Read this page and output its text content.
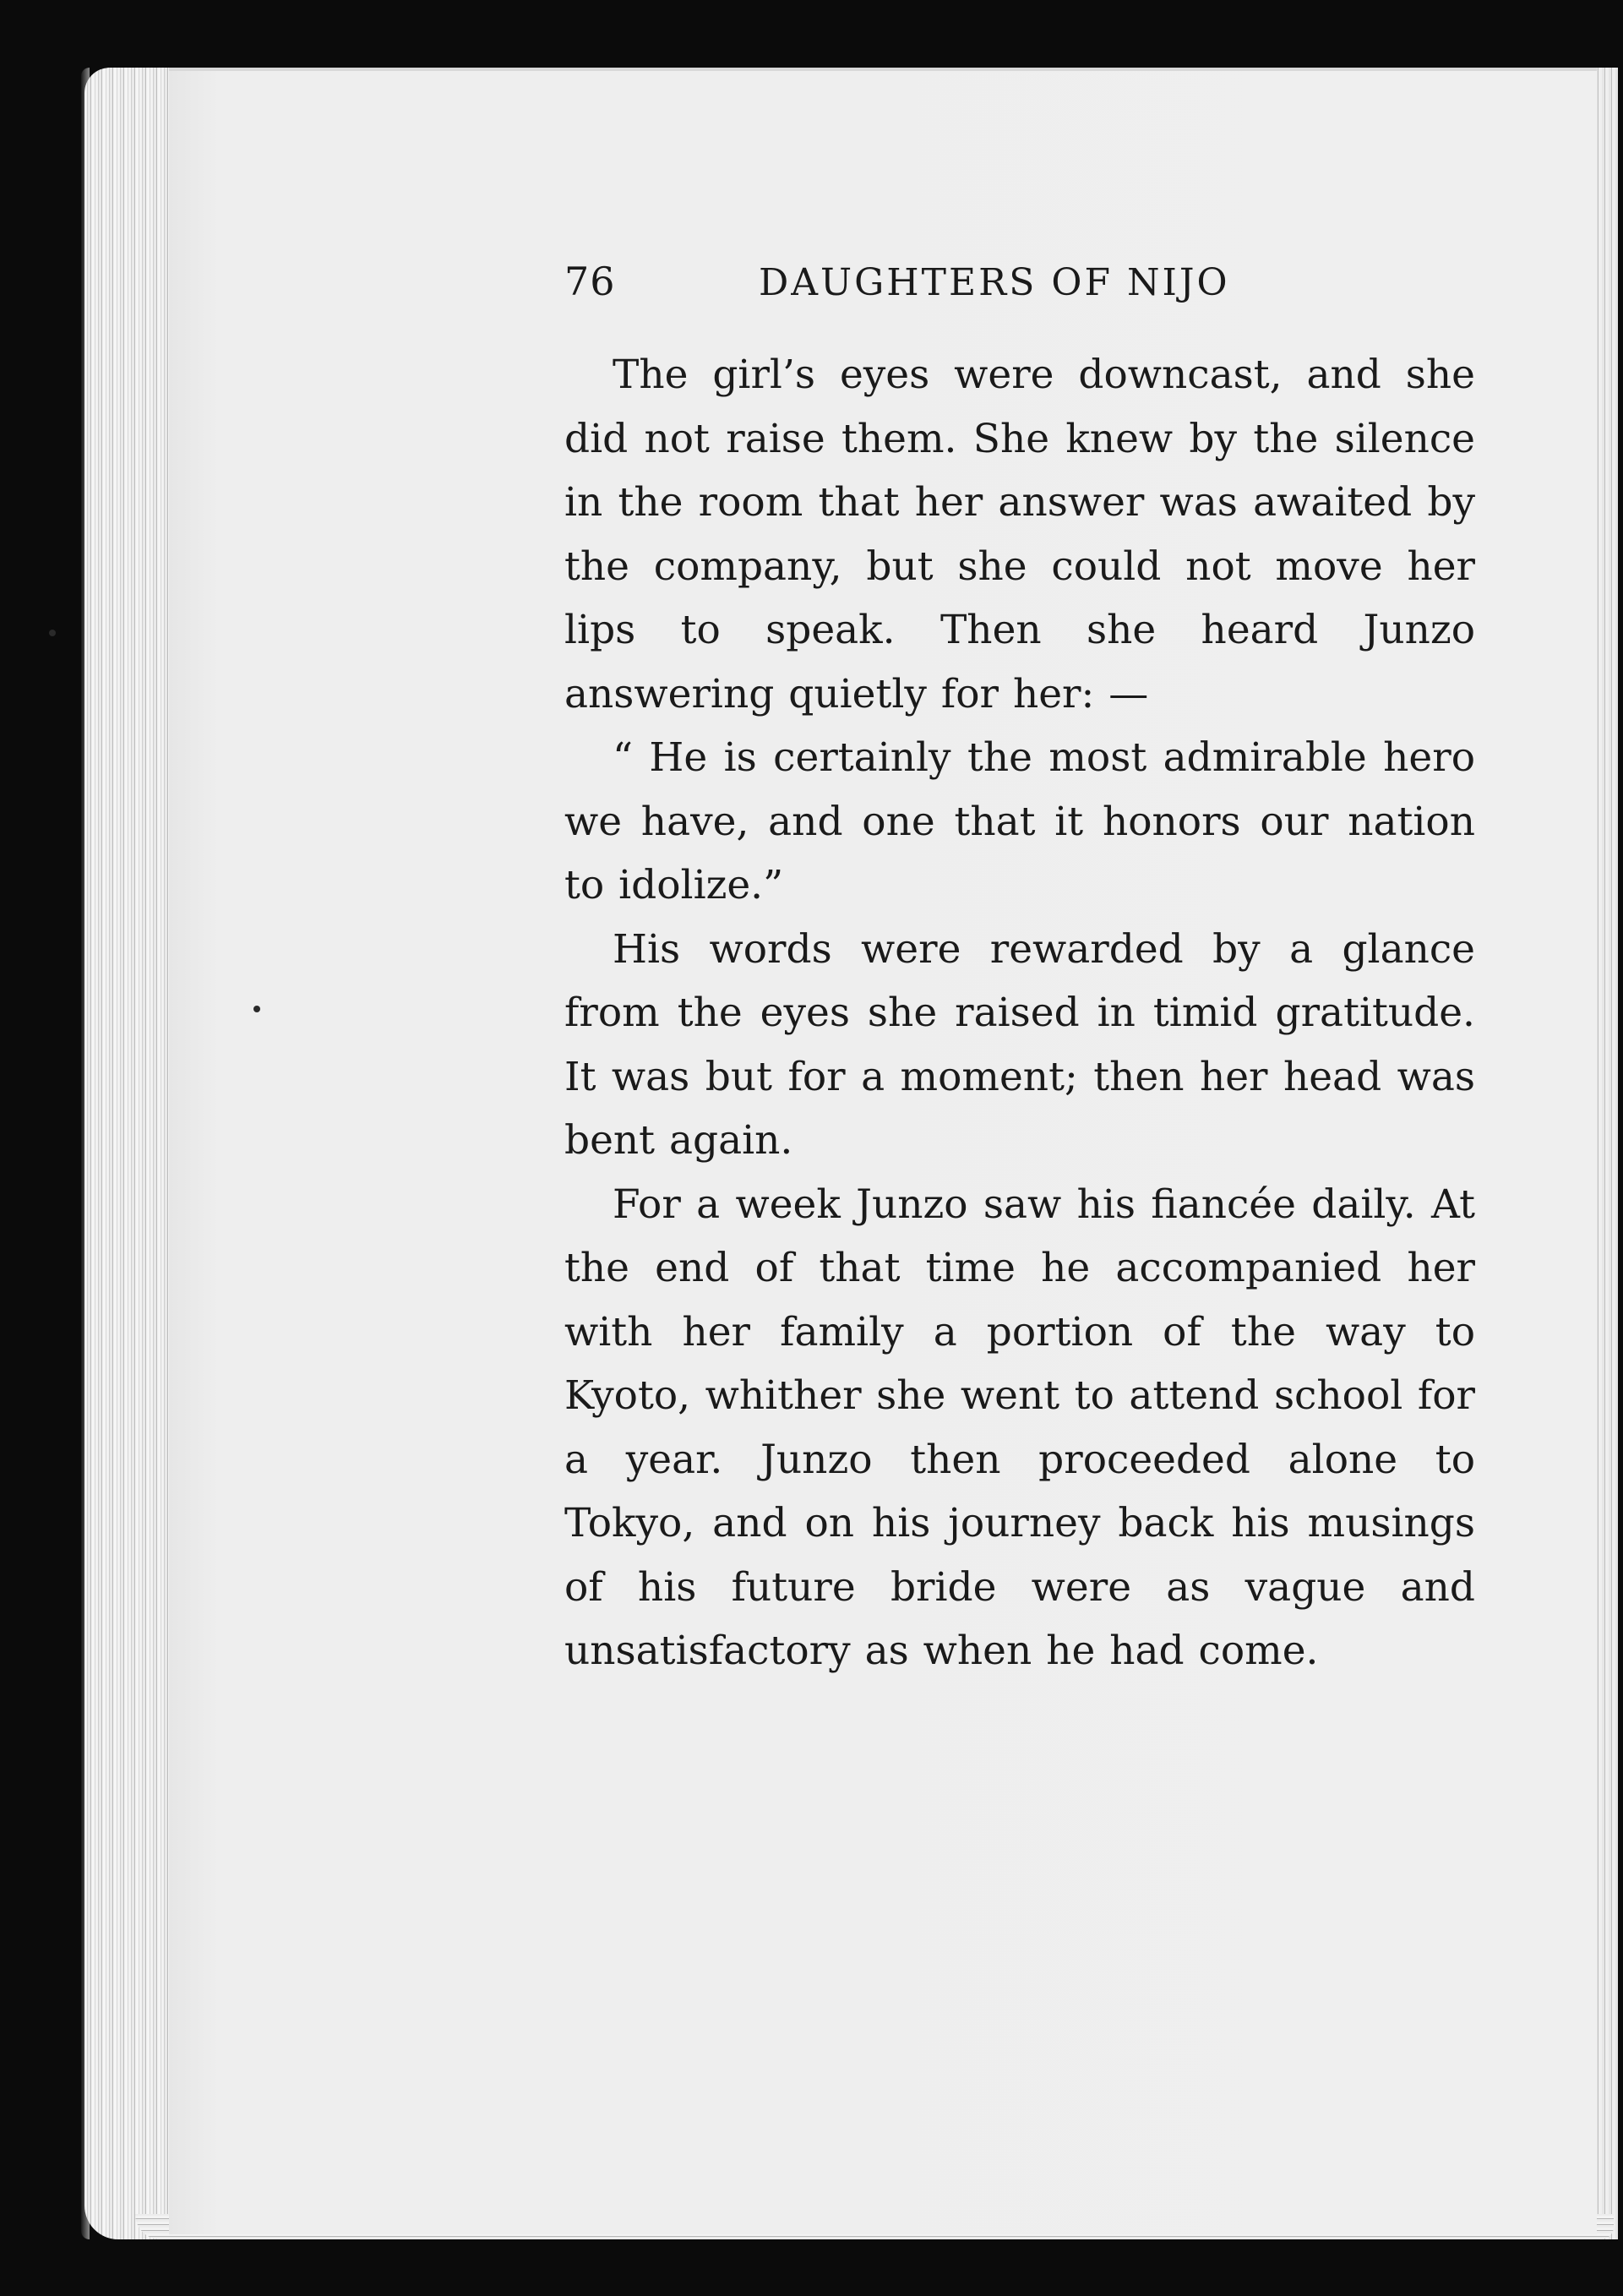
76	DAUGHTERS OF NIJO

The girl’s eyes were downcast, and she did not raise them. She knew by the silence in the room that her answer was awaited by the company, but she could not move her lips to speak. Then she heard Junzo answering quietly for her: —

“ He is certainly the most admirable hero we have, and one that it honors our nation to idolize.”

His words were rewarded by a glance from the eyes she raised in timid gratitude. It was but for a moment; then her head was bent again.

For a week Junzo saw his fiancée daily. At the end of that time he accompanied her with her family a portion of the way to Kyoto, whither she went to attend school for a year. Junzo then proceeded alone to Tokyo, and on his journey back his musings of his future bride were as vague and unsatisfactory as when he had come.
